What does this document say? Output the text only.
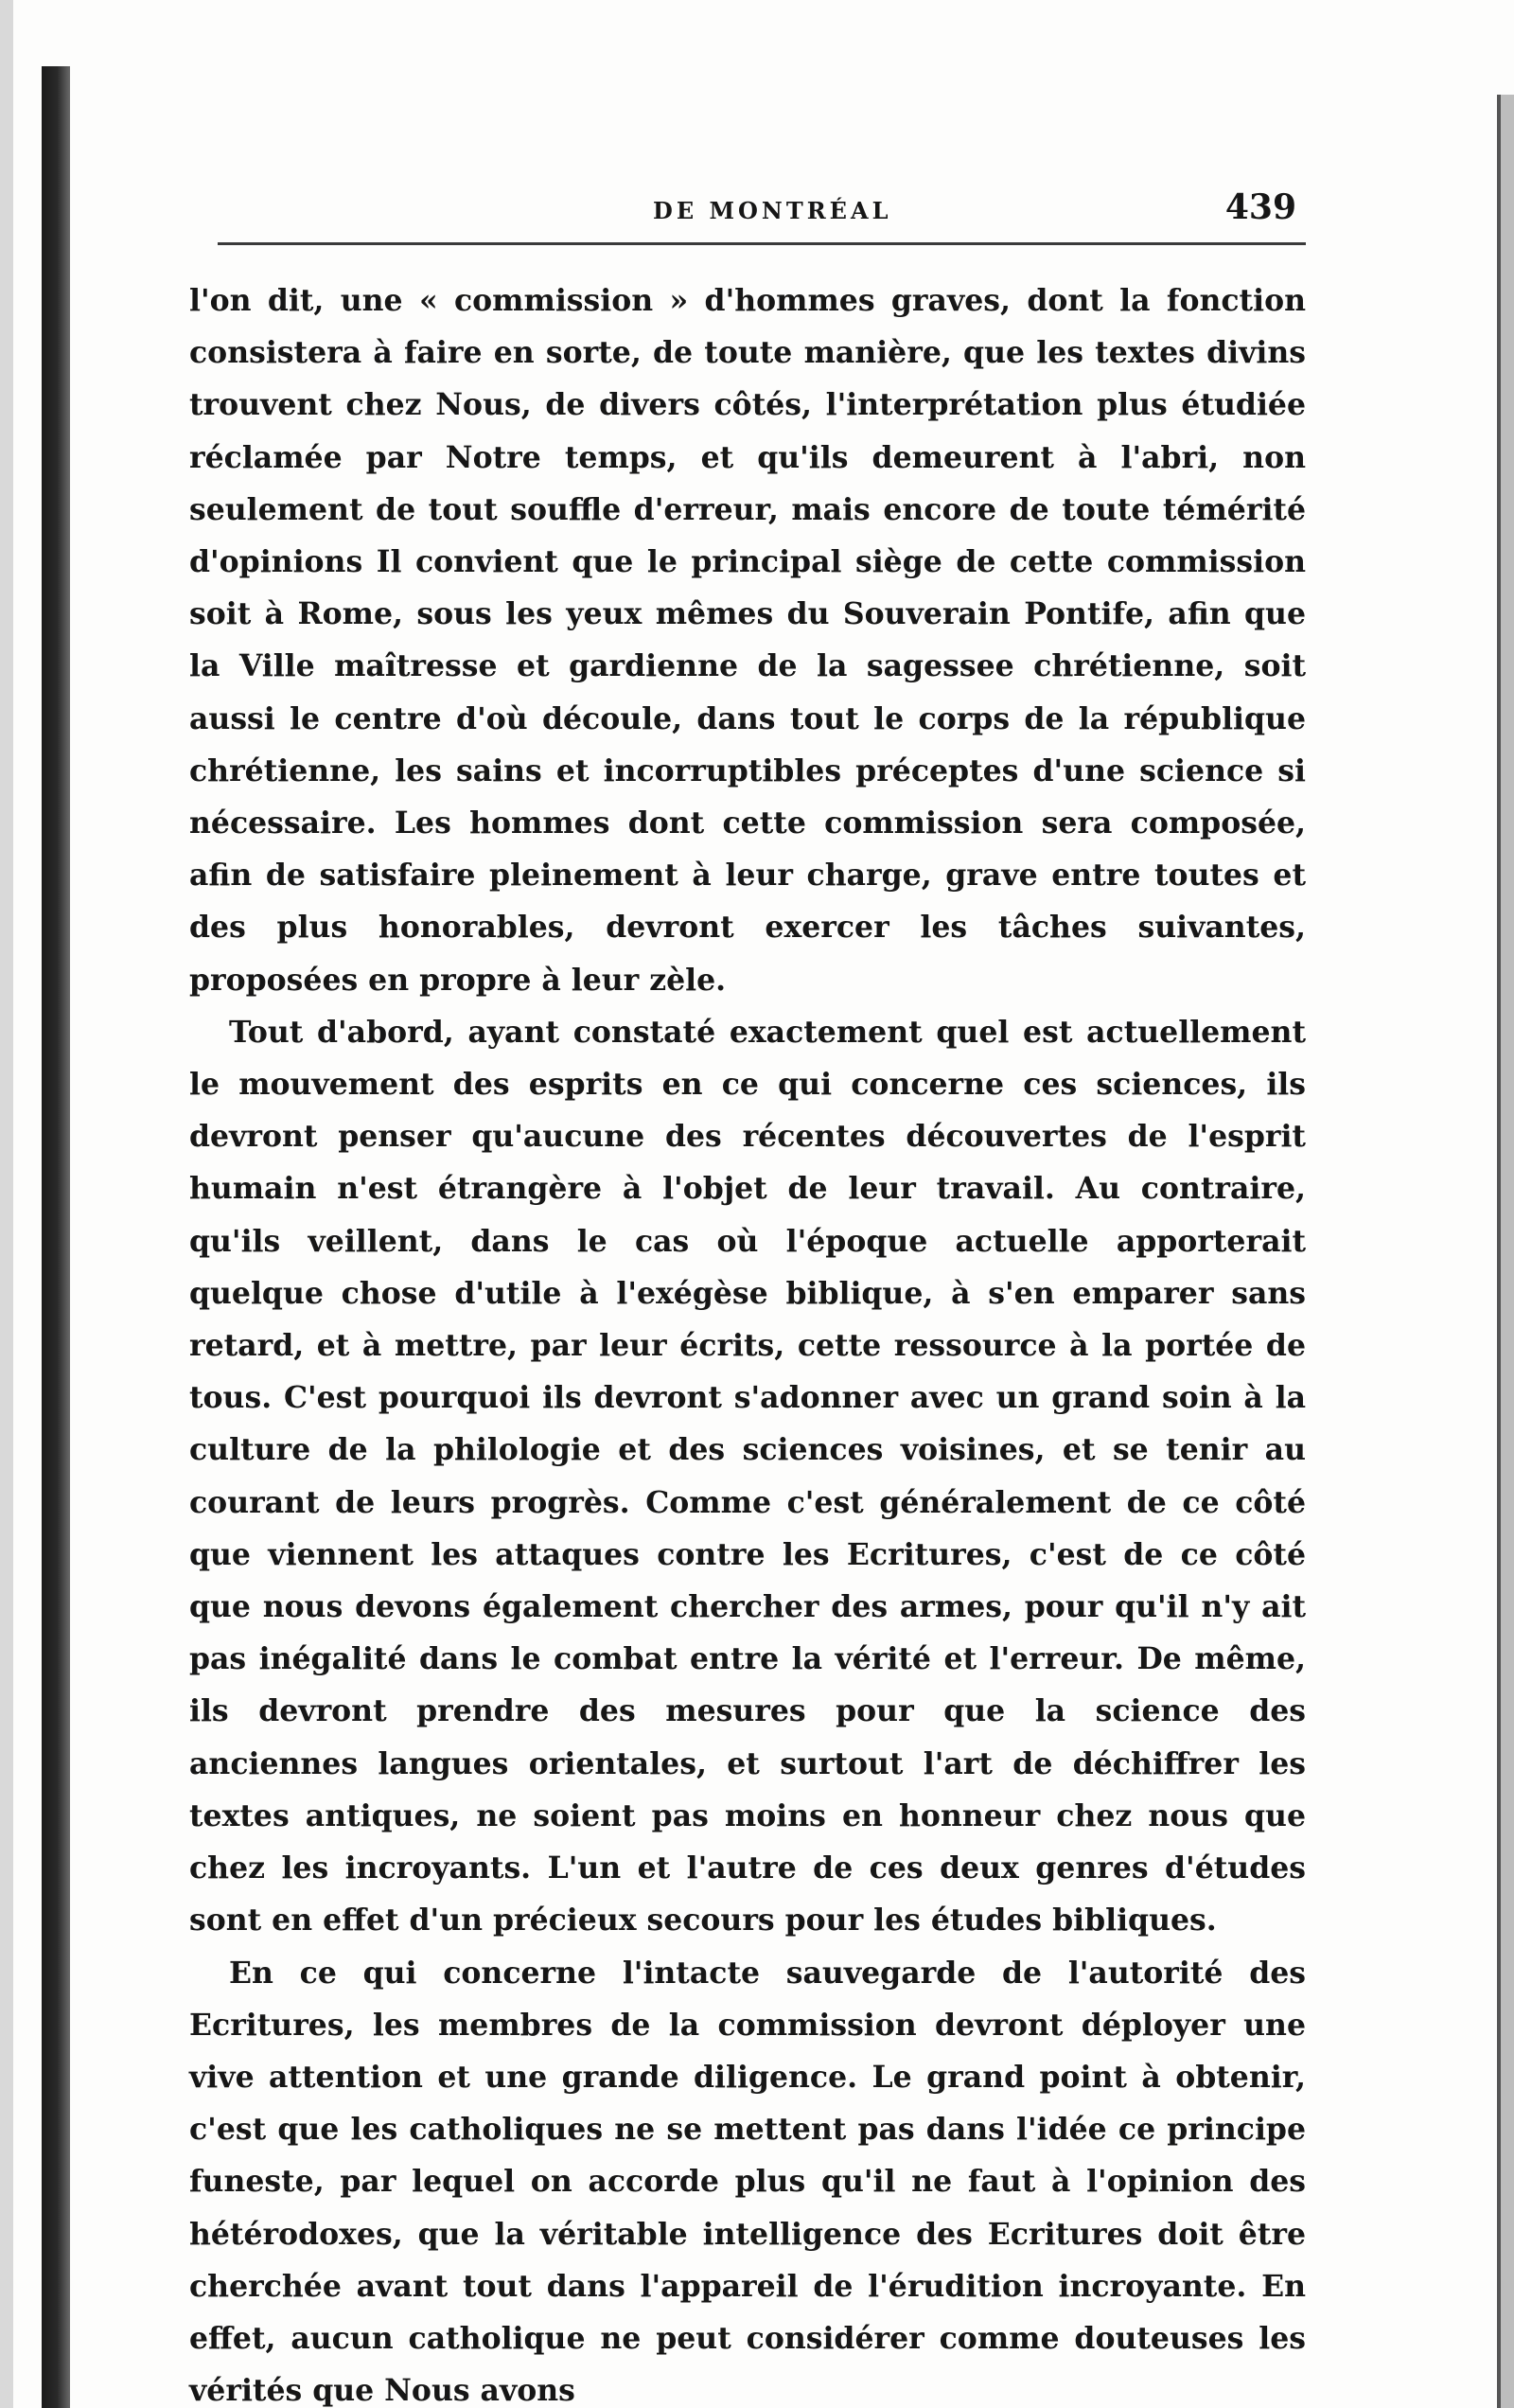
DE MONTRÉAL	439

l'on dit, une « commission » d'hommes graves, dont la fonction consistera à faire en sorte, de toute manière, que les textes divins trouvent chez Nous, de divers côtés, l'interprétation plus étudiée réclamée par Notre temps, et qu'ils demeurent à l'abri, non seulement de tout souffle d'erreur, mais encore de toute témérité d'opinions Il convient que le principal siège de cette commission soit à Rome, sous les yeux mêmes du Souverain Pontife, afin que la Ville maîtresse et gardienne de la sagessee chrétienne, soit aussi le centre d'où découle, dans tout le corps de la république chrétienne, les sains et incorruptibles préceptes d'une science si nécessaire. Les hommes dont cette commission sera composée, afin de satisfaire pleinement à leur charge, grave entre toutes et des plus honorables, devront exercer les tâches suivantes, proposées en propre à leur zèle.

Tout d'abord, ayant constaté exactement quel est actuellement le mouvement des esprits en ce qui concerne ces sciences, ils devront penser qu'aucune des récentes découvertes de l'esprit humain n'est étrangère à l'objet de leur travail. Au contraire, qu'ils veillent, dans le cas où l'époque actuelle apporterait quelque chose d'utile à l'exégèse biblique, à s'en emparer sans retard, et à mettre, par leur écrits, cette ressource à la portée de tous. C'est pourquoi ils devront s'adonner avec un grand soin à la culture de la philologie et des sciences voisines, et se tenir au courant de leurs progrès. Comme c'est généralement de ce côté que viennent les attaques contre les Ecritures, c'est de ce côté que nous devons également chercher des armes, pour qu'il n'y ait pas inégalité dans le combat entre la vérité et l'erreur. De même, ils devront prendre des mesures pour que la science des anciennes langues orientales, et surtout l'art de déchiffrer les textes antiques, ne soient pas moins en honneur chez nous que chez les incroyants. L'un et l'autre de ces deux genres d'études sont en effet d'un précieux secours pour les études bibliques.

En ce qui concerne l'intacte sauvegarde de l'autorité des Ecritures, les membres de la commission devront déployer une vive attention et une grande diligence. Le grand point à obtenir, c'est que les catholiques ne se mettent pas dans l'idée ce principe funeste, par lequel on accorde plus qu'il ne faut à l'opinion des hétérodoxes, que la véritable intelligence des Ecritures doit être cherchée avant tout dans l'appareil de l'érudition incroyante. En effet, aucun catholique ne peut considérer comme douteuses les vérités que Nous avons
